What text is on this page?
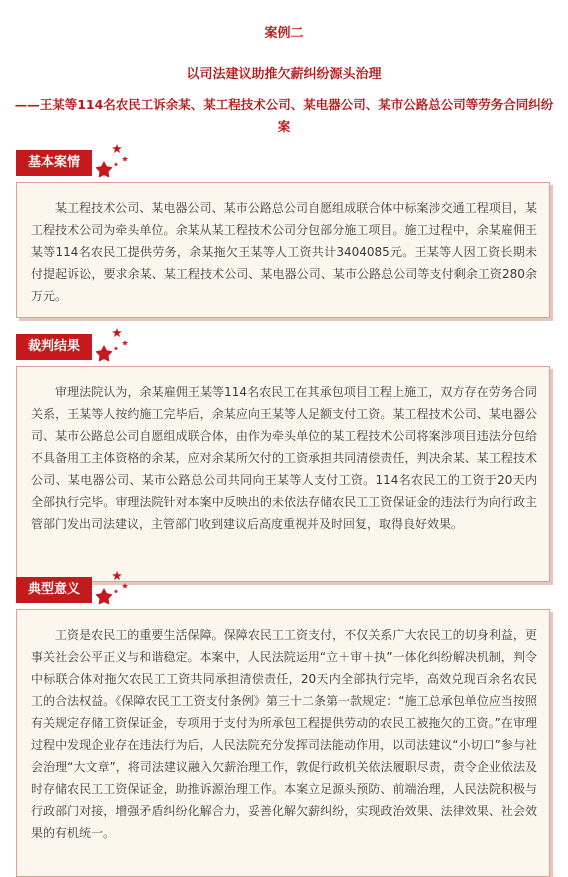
案例二
以司法建议助推欠薪纠纷源头治理
——王某等114名农民工诉余某、某工程技术公司、某电器公司、某市公路总公司等劳务合同纠纷案
基本案情

某工程技术公司、某电器公司、某市公路总公司自愿组成联合体中标案涉交通工程项目，某工程技术公司为牵头单位。余某从某工程技术公司分包部分施工项目。施工过程中，余某雇佣王某等114名农民工提供劳务，余某拖欠王某等人工资共计3404085元。王某等人因工资长期未付提起诉讼，要求余某、某工程技术公司、某电器公司、某市公路总公司等支付剩余工资280余万元。

裁判结果

审理法院认为，余某雇佣王某等114名农民工在其承包项目工程上施工，双方存在劳务合同关系，王某等人按约施工完毕后，余某应向王某等人足额支付工资。某工程技术公司、某电器公司、某市公路总公司自愿组成联合体，由作为牵头单位的某工程技术公司将案涉项目违法分包给不具备用工主体资格的余某，应对余某所欠付的工资承担共同清偿责任，判决余某、某工程技术公司、某电器公司、某市公路总公司共同向王某等人支付工资。114名农民工的工资于20天内全部执行完毕。审理法院针对本案中反映出的未依法存储农民工工资保证金的违法行为向行政主管部门发出司法建议，主管部门收到建议后高度重视并及时回复，取得良好效果。

典型意义

工资是农民工的重要生活保障。保障农民工工资支付，不仅关系广大农民工的切身利益，更事关社会公平正义与和谐稳定。本案中，人民法院运用“立＋审＋执”一体化纠纷解决机制，判令中标联合体对拖欠农民工工资共同承担清偿责任，20天内全部执行完毕，高效兑现百余名农民工的合法权益。《保障农民工工资支付条例》第三十二条第一款规定：“施工总承包单位应当按照有关规定存储工资保证金，专项用于支付为所承包工程提供劳动的农民工被拖欠的工资。”在审理过程中发现企业存在违法行为后，人民法院充分发挥司法能动作用，以司法建议“小切口”参与社会治理“大文章”，将司法建议融入欠薪治理工作，敦促行政机关依法履职尽责，责令企业依法及时存储农民工工资保证金，助推诉源治理工作。本案立足源头预防、前端治理，人民法院积极与行政部门对接，增强矛盾纠纷化解合力，妥善化解欠薪纠纷，实现政治效果、法律效果、社会效果的有机统一。
